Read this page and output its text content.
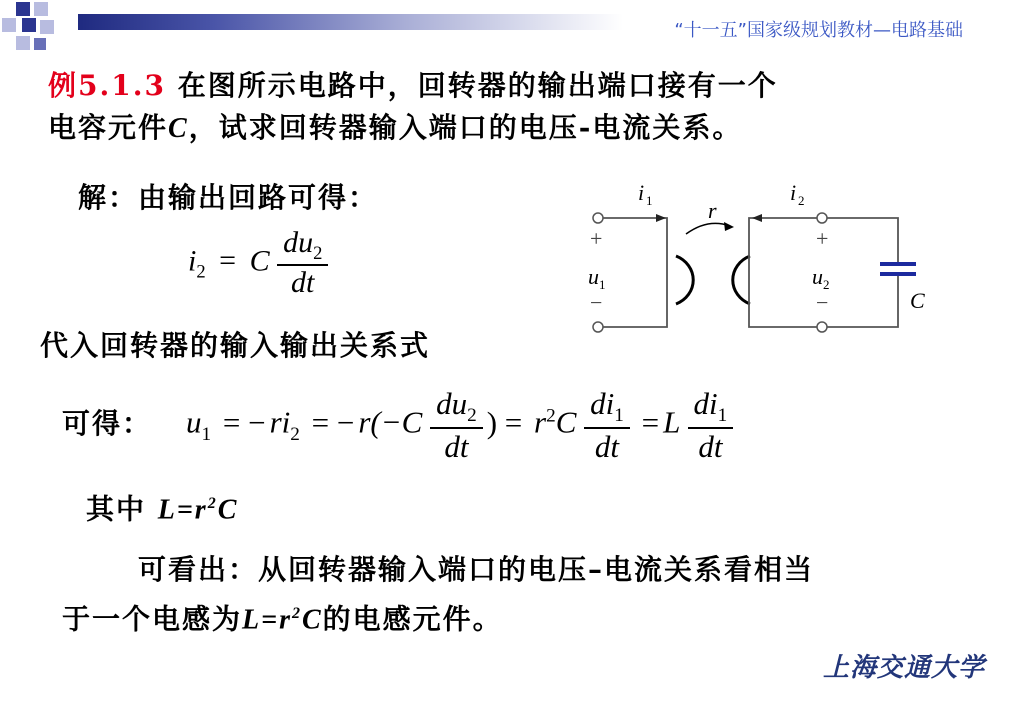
“十一五”国家级规划教材—电路基础
例5.1.3 在图所示电路中，回转器的输出端口接有一个
电容元件C，试求回转器输入端口的电压-电流关系。
解：由输出回路可得：
$i_2 = C \frac{du_2}{dt}$
代入回转器的输入输出关系式
可得： $u_1$ = − $ri_2$ = − $r(-C \frac{du_2}{dt}$ ) = $r^2C \frac{di_1}{dt} = L \frac{di_1}{dt}$
其中 $L=r^2C$
可看出：从回转器输入端口的电压–电流关系看相当
于一个电感为$L=r^2C$的电感元件。
i 1
+
u 1
−
r
i 2
+
u 2
−	C
上海交通大学
